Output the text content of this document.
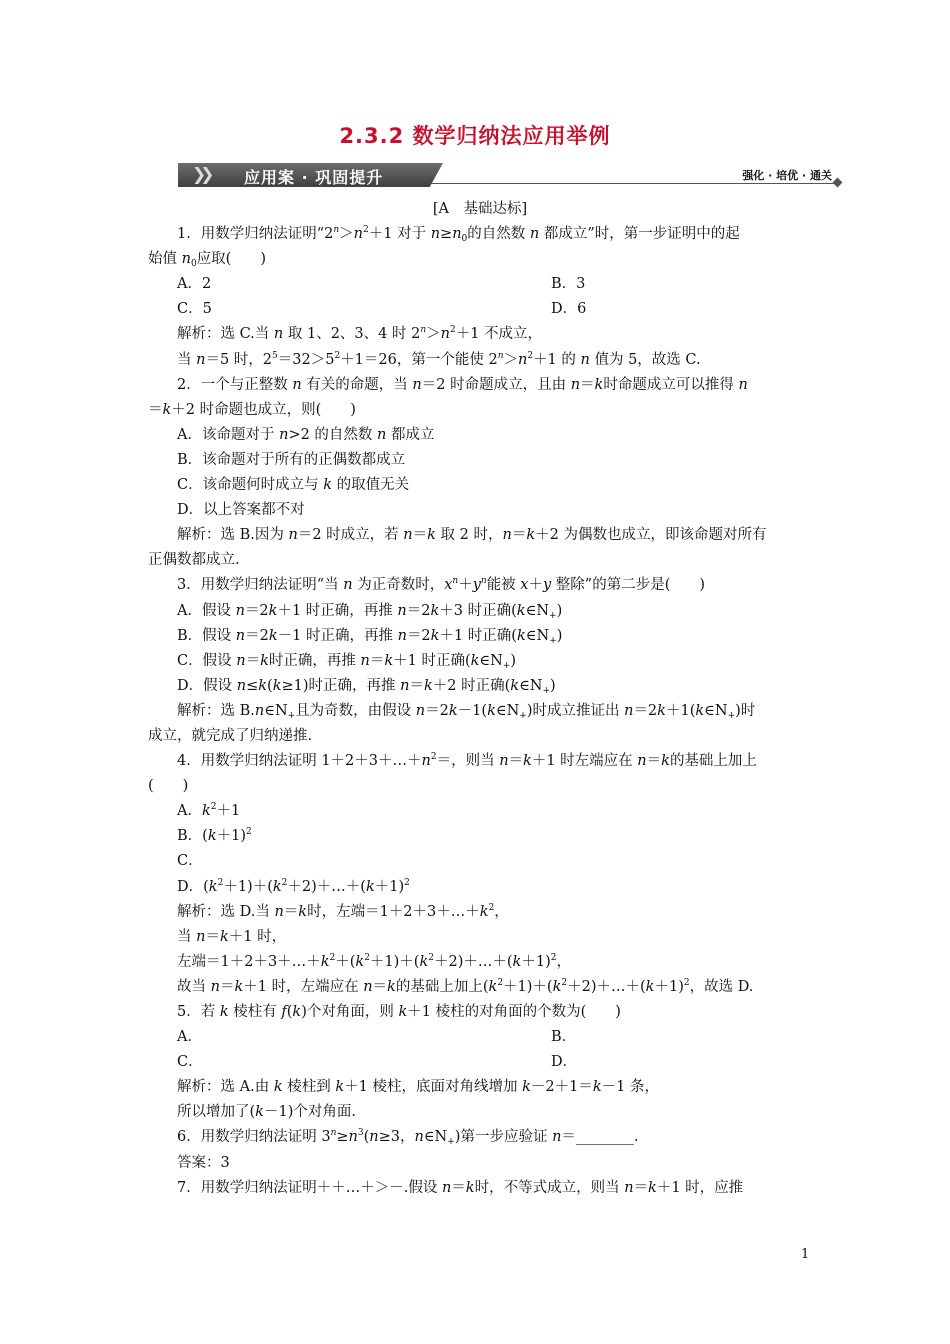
2.3.2 数学归纳法应用举例
❯❯ 应用案 · 巩固提升	强化 · 培优 · 通关
[A　基础达标]
1．用数学归纳法证明“$2^n>n^2+1$ 对于 $n\ge n_0$的自然数 n 都成立”时，第一步证明中的起
始值 $n_0$应取(　　)
A．2	B．3
C．5	D．6
解析：选 C.当 n 取 1、2、3、4 时 $2^n>n^2+1$ 不成立，
当 n＝5 时，$2^5=32>5^2+1=26$，第一个能使 $2^n>n^2+1$ 的 n 值为 5，故选 C.
2．一个与正整数 n 有关的命题，当 n＝2 时命题成立，且由 n＝k时命题成立可以推得 n
＝k＋2 时命题也成立，则(　　)
A．该命题对于 n>2 的自然数 n 都成立
B．该命题对于所有的正偶数都成立
C．该命题何时成立与 k 的取值无关
D．以上答案都不对
解析：选 B.因为 n＝2 时成立，若 n＝k 取 2 时，n＝k＋2 为偶数也成立，即该命题对所有
正偶数都成立.
3．用数学归纳法证明“当 n 为正奇数时，$x^n+y^n$能被 x＋y 整除”的第二步是(　　)
A．假设 n＝2k＋1 时正确，再推 n＝2k＋3 时正确$(k\in N_+)$
B．假设 n＝2k－1 时正确，再推 n＝2k＋1 时正确$(k\in N_+)$
C．假设 n＝k时正确，再推 n＝k＋1 时正确$(k\in N_+)$
D．假设 n≤k(k≥1)时正确，再推 n＝k＋2 时正确$(k\in N_+)$
解析：选 $B.n\in N_+$且为奇数，由假设 $n=2k-1(k\in N_+)$时成立推证出 $n=2k+1(k\in N_+)$时
成立，就完成了归纳递推.
4．用数学归纳法证明 $1+2+3+\dots+n^2=$，则当 n＝k＋1 时左端应在 n＝k的基础上加上
(　　)
A．$k^2+1$
B．$(k+1)^2$
C．
D．$(k^2+1)+(k^2+2)+\dots+(k+1)^2$
解析：选 D.当 n＝k时，左端$=1+2+3+\dots+k^2$，
当 n＝k＋1 时，
左端$=1+2+3+\dots+k^2+(k^2+1)+(k^2+2)+\dots+(k+1)^2$，
故当 n＝k＋1 时，左端应在 n＝k的基础上加上$(k^2+1)+(k^2+2)+\dots+(k+1)^2$，故选 D.
5．若 k 棱柱有 f(k)个对角面，则 k＋1 棱柱的对角面的个数为(　　)
A．	B．
C．	D．
解析：选 A.由 k 棱柱到 k＋1 棱柱，底面对角线增加 k－2＋1＝k－1 条，
所以增加了(k－1)个对角面.
6．用数学归纳法证明 $3^n\ge n^3(n\ge 3$，$n\in N_+$)第一步应验证 n＝________.
答案：3
7．用数学归纳法证明＋＋…＋＞－.假设 n＝k时，不等式成立，则当 n＝k＋1 时，应推
1
